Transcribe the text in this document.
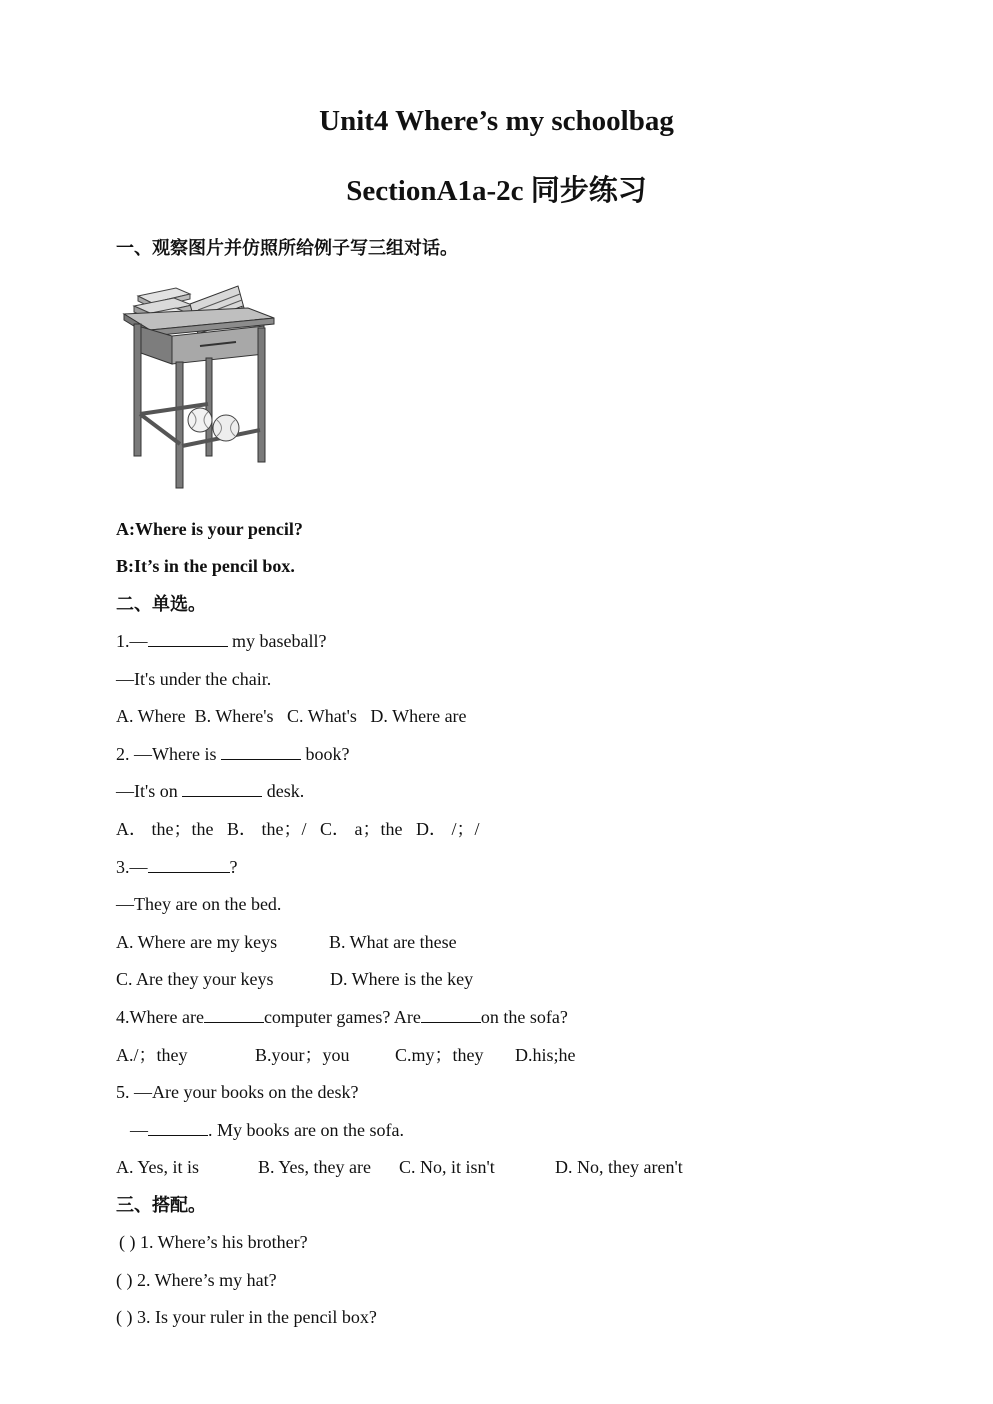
Unit4 Where’s my schoolbag
SectionA1a-2c 同步练习
一、观察图片并仿照所给例子写三组对话。
A:Where is your pencil?
B:It’s in the pencil box.
二、单选。
1.—	my baseball?
—It's under the chair.
A. Where  B. Where's   C. What's   D. Where are
2. —Where is	book?
—It's on	desk.
A． the；the   B． the；/   C． a；the   D． /；/
3.—	?
—They are on the bed.
A. Where are my keys	B. What are these
C. Are they your keys	D. Where is the key
4.Where are	computer games? Are	on the sofa?
A./；they	B.your；you	C.my；they D.his;he
5. —Are your books on the desk?
—	. My books are on the sofa.
A. Yes, it is	B. Yes, they are C. No, it isn't	D. No, they aren't
三、搭配。
( ) 1. Where’s his brother?
( ) 2. Where’s my hat?
( ) 3. Is your ruler in the pencil box?
